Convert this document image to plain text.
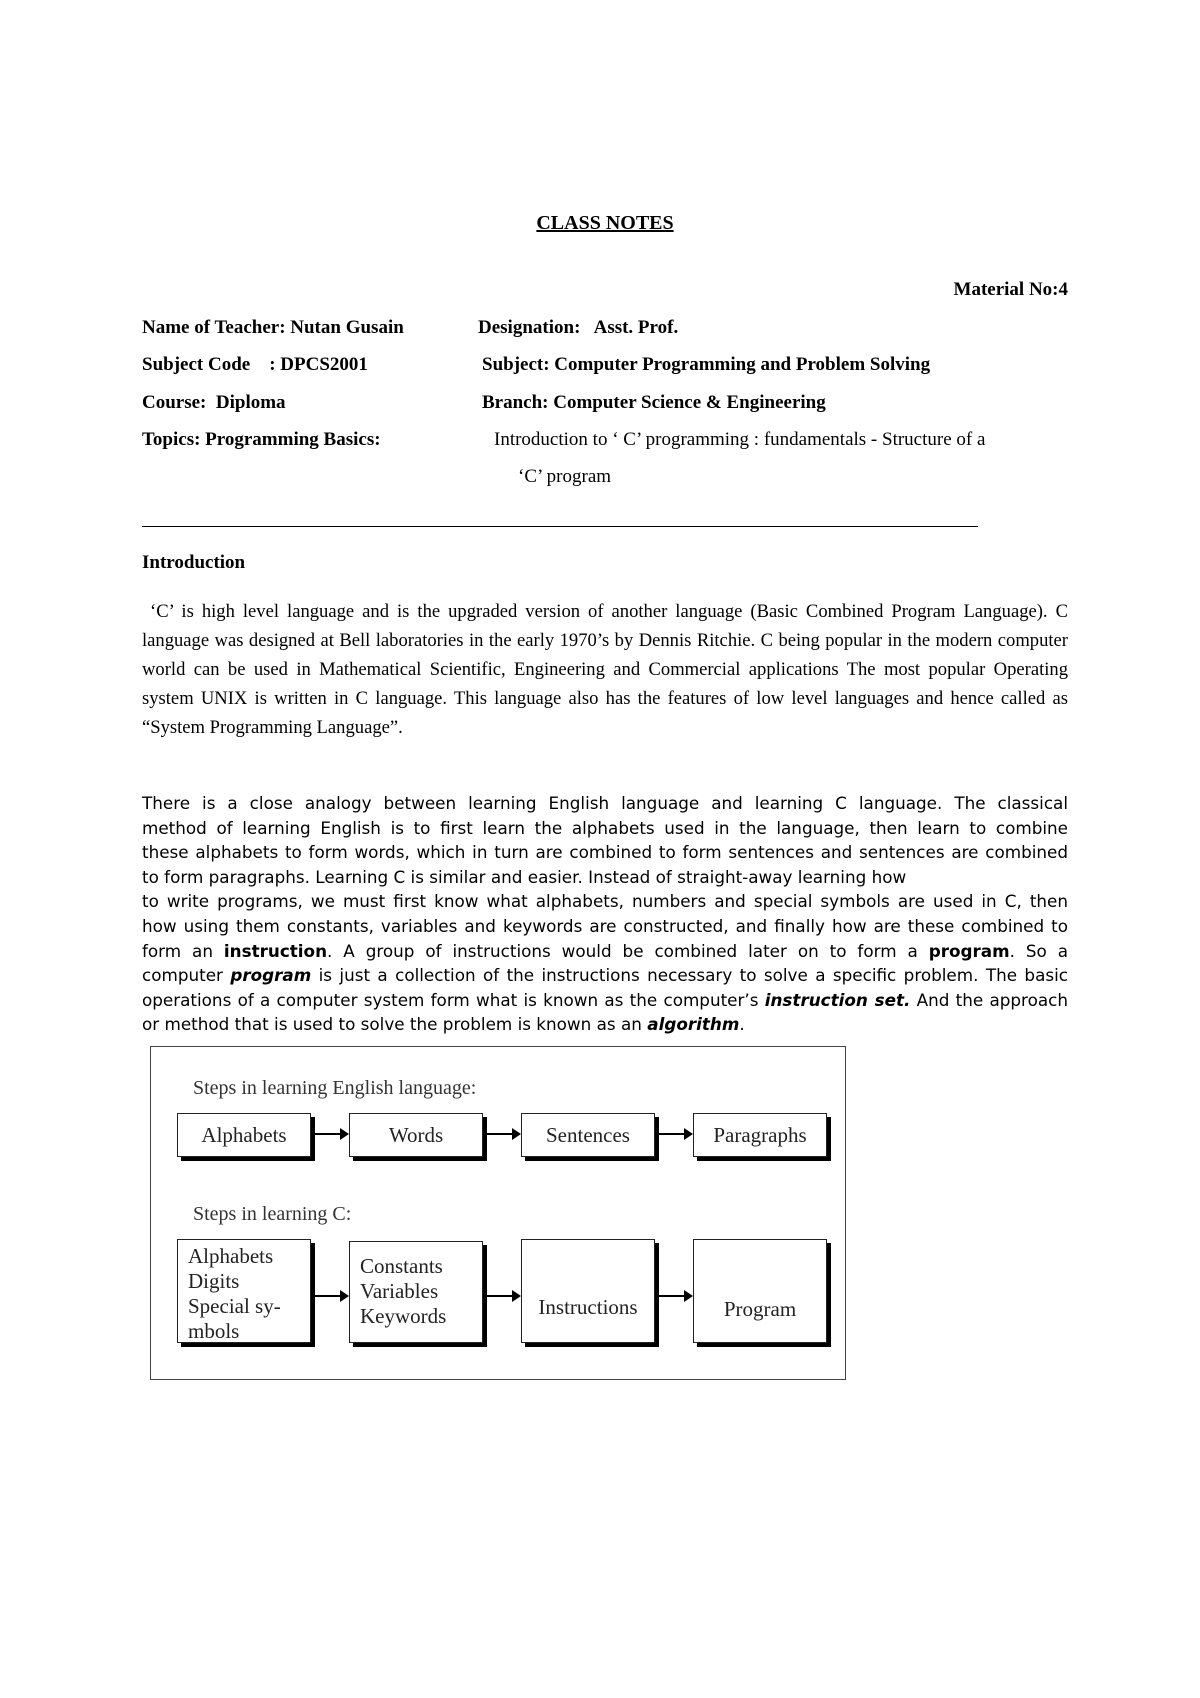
CLASS NOTES
Material No:4
Name of Teacher: Nutan Gusain	Designation:   Asst. Prof.
Subject Code    : DPCS2001	Subject: Computer Programming and Problem Solving
Course:  Diploma	Branch: Computer Science & Engineering
Topics: Programming Basics:	Introduction to ‘ C’ programming : fundamentals - Structure of a
‘C’ program
Introduction
‘C’ is high level language and is the upgraded version of another language (Basic Combined Program Language). C language was designed at Bell laboratories in the early 1970’s by Dennis Ritchie. C being popular in the modern computer world can be used in Mathematical Scientific, Engineering and Commercial applications The most popular Operating system UNIX is written in C language. This language also has the features of low level languages and hence called as “System Programming Language”.
There is a close analogy between learning English language and learning C language. The classical
method of learning English is to first learn the alphabets used in the language, then learn to combine
these alphabets to form words, which in turn are combined to form sentences and sentences are combined
to form paragraphs. Learning C is similar and easier. Instead of straight-away learning how
to write programs, we must first know what alphabets, numbers and special symbols are used in C, then
how using them constants, variables and keywords are constructed, and finally how are these combined to
form an instruction. A group of instructions would be combined later on to form a program. So a
computer program is just a collection of the instructions necessary to solve a specific problem. The basic
operations of a computer system form what is known as the computer’s instruction set. And the approach
or method that is used to solve the problem is known as an algorithm.
Steps in learning English language:
Alphabets	Words	Sentences	Paragraphs
Steps in learning C:
Alphabets
Digits
Special sy-
mbols
Constants
Variables
Keywords	Instructions	Program
